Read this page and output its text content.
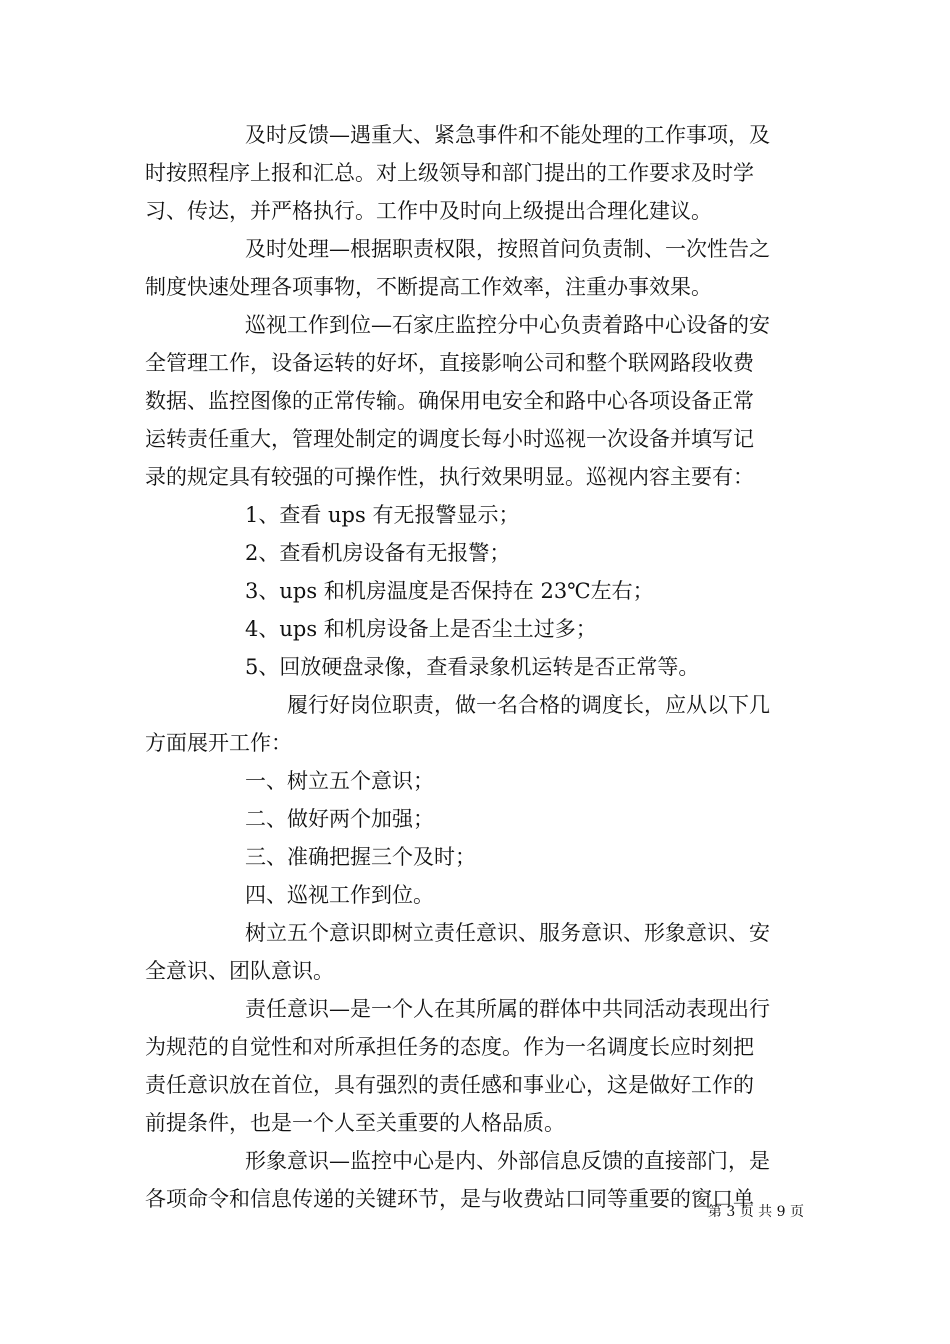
及时反馈—遇重大、紧急事件和不能处理的工作事项，及
时按照程序上报和汇总。对上级领导和部门提出的工作要求及时学
习、传达，并严格执行。工作中及时向上级提出合理化建议。
及时处理—根据职责权限，按照首问负责制、一次性告之
制度快速处理各项事物，不断提高工作效率，注重办事效果。
巡视工作到位—石家庄监控分中心负责着路中心设备的安
全管理工作，设备运转的好坏，直接影响公司和整个联网路段收费
数据、监控图像的正常传输。确保用电安全和路中心各项设备正常
运转责任重大，管理处制定的调度长每小时巡视一次设备并填写记
录的规定具有较强的可操作性，执行效果明显。巡视内容主要有：
1、查看 ups 有无报警显示；
2、查看机房设备有无报警；
3、ups 和机房温度是否保持在 23℃左右；
4、ups 和机房设备上是否尘土过多；
5、回放硬盘录像，查看录象机运转是否正常等。
履行好岗位职责，做一名合格的调度长，应从以下几
方面展开工作：
一、树立五个意识；
二、做好两个加强；
三、准确把握三个及时；
四、巡视工作到位。
树立五个意识即树立责任意识、服务意识、形象意识、安
全意识、团队意识。
责任意识—是一个人在其所属的群体中共同活动表现出行
为规范的自觉性和对所承担任务的态度。作为一名调度长应时刻把
责任意识放在首位，具有强烈的责任感和事业心，这是做好工作的
前提条件，也是一个人至关重要的人格品质。
形象意识—监控中心是内、外部信息反馈的直接部门，是
各项命令和信息传递的关键环节，是与收费站口同等重要的窗口单
第 3 页 共 9 页
